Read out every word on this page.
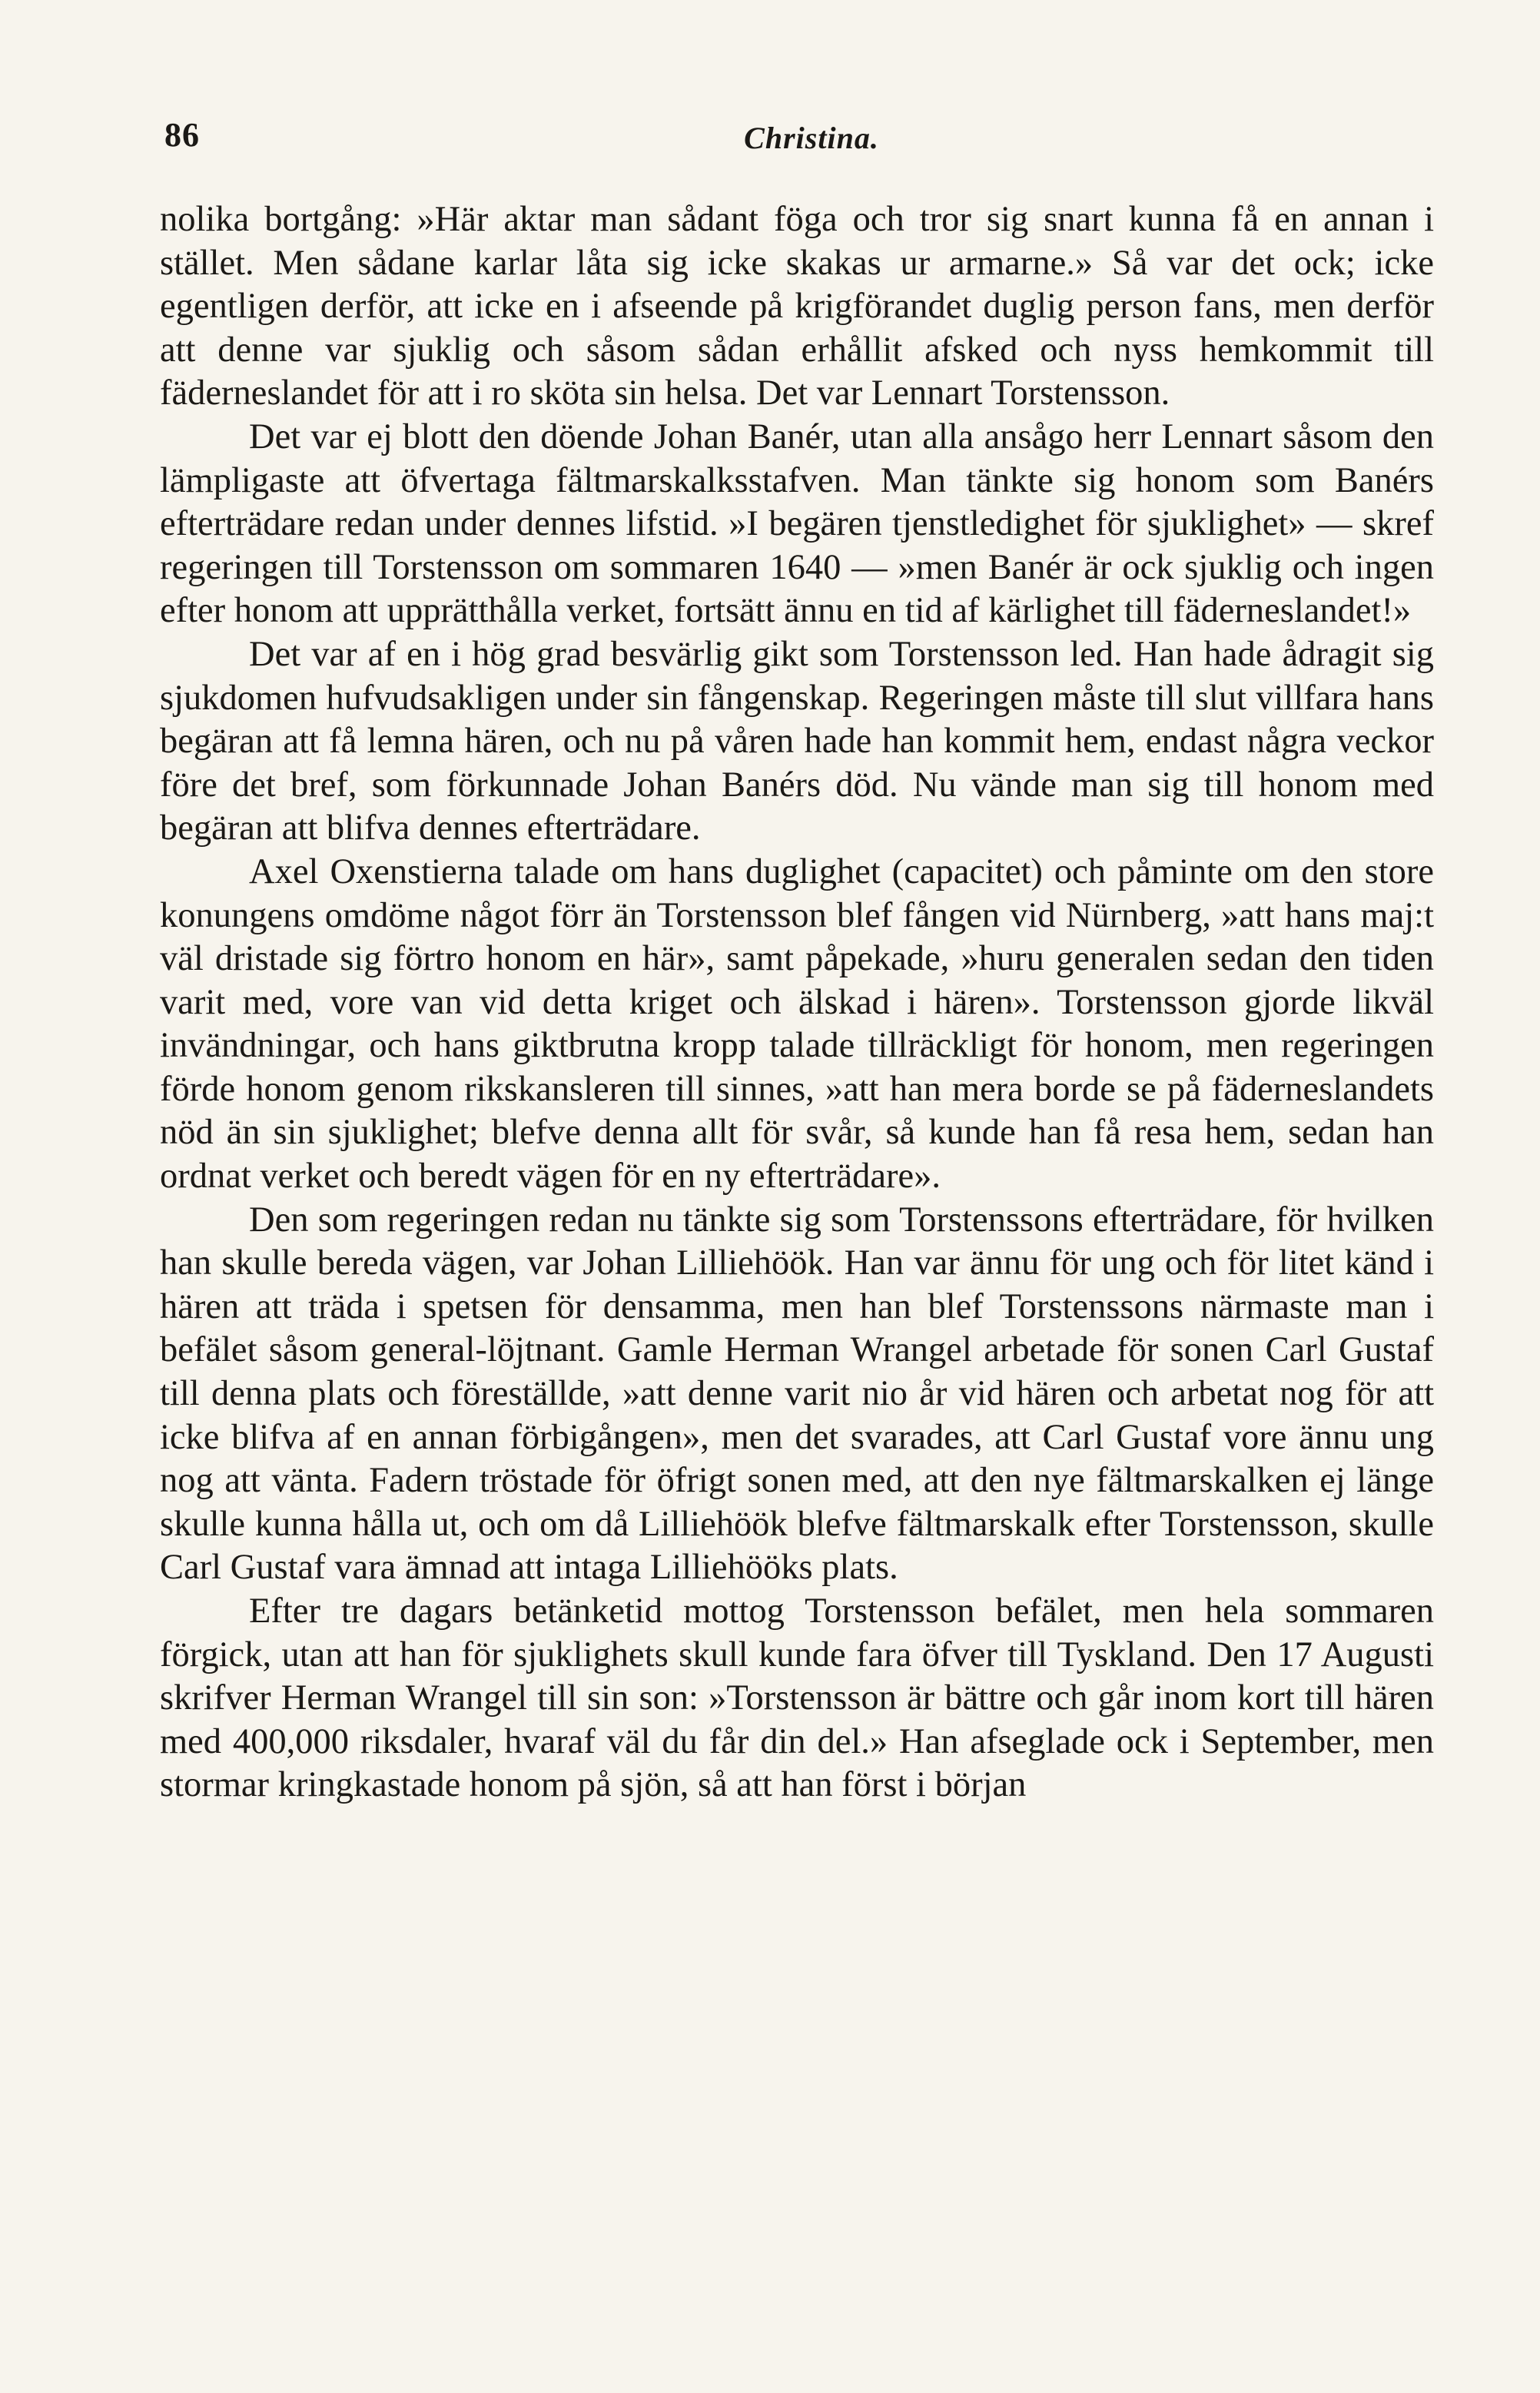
86	Christina.

nolika bortgång: »Här aktar man sådant föga och tror sig snart kunna få en annan i stället. Men sådane karlar låta sig icke skakas ur armarne.» Så var det ock; icke egentligen derför, att icke en i afseende på krigförandet duglig person fans, men derför att denne var sjuklig och såsom sådan erhållit afsked och nyss hemkommit till fäderneslandet för att i ro sköta sin helsa. Det var Lennart Torstensson.

Det var ej blott den döende Johan Banér, utan alla ansågo herr Lennart såsom den lämpligaste att öfvertaga fältmarskalksstafven. Man tänkte sig honom som Banérs efterträdare redan under dennes lifstid. »I begären tjenstledighet för sjuklighet» — skref regeringen till Torstensson om sommaren 1640 — »men Banér är ock sjuklig och ingen efter honom att upprätthålla verket, fortsätt ännu en tid af kärlighet till fäderneslandet!»

Det var af en i hög grad besvärlig gikt som Torstensson led. Han hade ådragit sig sjukdomen hufvudsakligen under sin fångenskap. Regeringen måste till slut villfara hans begäran att få lemna hären, och nu på våren hade han kommit hem, endast några veckor före det bref, som förkunnade Johan Banérs död. Nu vände man sig till honom med begäran att blifva dennes efterträdare.

Axel Oxenstierna talade om hans duglighet (capacitet) och påminte om den store konungens omdöme något förr än Torstensson blef fången vid Nürnberg, »att hans maj:t väl dristade sig förtro honom en här», samt påpekade, »huru generalen sedan den tiden varit med, vore van vid detta kriget och älskad i hären». Torstensson gjorde likväl invändningar, och hans giktbrutna kropp talade tillräckligt för honom, men regeringen förde honom genom rikskansleren till sinnes, »att han mera borde se på fäderneslandets nöd än sin sjuklighet; blefve denna allt för svår, så kunde han få resa hem, sedan han ordnat verket och beredt vägen för en ny efterträdare».

Den som regeringen redan nu tänkte sig som Torstenssons efterträdare, för hvilken han skulle bereda vägen, var Johan Lilliehöök. Han var ännu för ung och för litet känd i hären att träda i spetsen för densamma, men han blef Torstenssons närmaste man i befälet såsom general-löjtnant. Gamle Herman Wrangel arbetade för sonen Carl Gustaf till denna plats och föreställde, »att denne varit nio år vid hären och arbetat nog för att icke blifva af en annan förbigången», men det svarades, att Carl Gustaf vore ännu ung nog att vänta. Fadern tröstade för öfrigt sonen med, att den nye fältmarskalken ej länge skulle kunna hålla ut, och om då Lilliehöök blefve fältmarskalk efter Torstensson, skulle Carl Gustaf vara ämnad att intaga Lilliehööks plats.

Efter tre dagars betänketid mottog Torstensson befälet, men hela sommaren förgick, utan att han för sjuklighets skull kunde fara öfver till Tyskland. Den 17 Augusti skrifver Herman Wrangel till sin son: »Torstensson är bättre och går inom kort till hären med 400,000 riksdaler, hvaraf väl du får din del.» Han afseglade ock i September, men stormar kringkastade honom på sjön, så att han först i början
